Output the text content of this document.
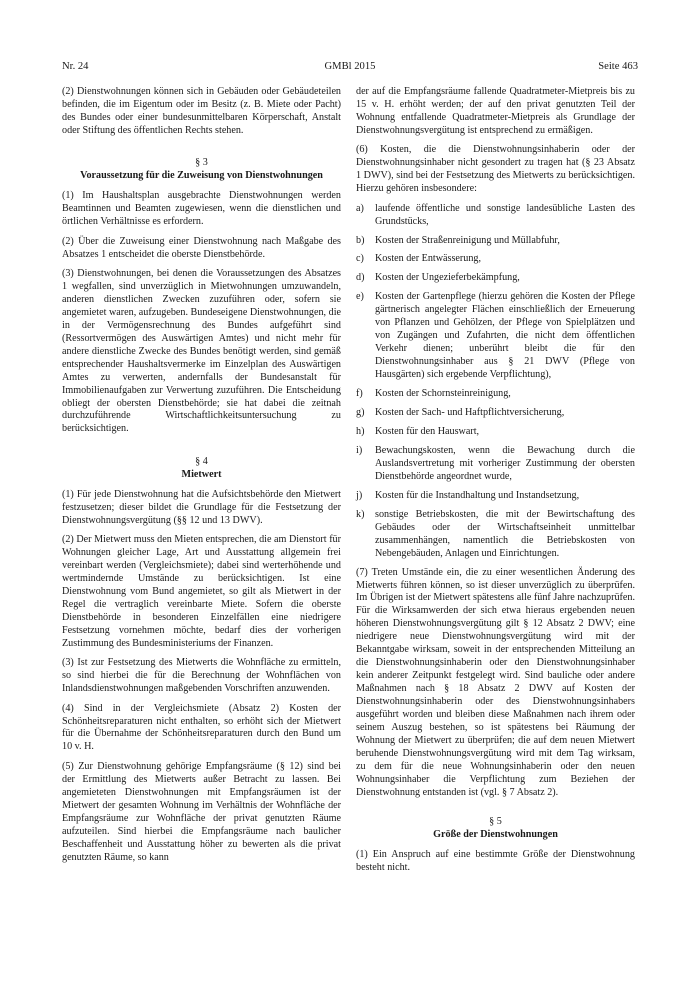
Nr. 24	GMBl 2015	Seite 463

(2) Dienstwohnungen können sich in Gebäuden oder Gebäudeteilen befinden, die im Eigentum oder im Besitz (z. B. Miete oder Pacht) des Bundes oder einer bundesunmittelbaren Körperschaft, Anstalt oder Stiftung des öffentlichen Rechts stehen.

§ 3
Voraussetzung für die Zuweisung von Dienstwohnungen

(1) Im Haushaltsplan ausgebrachte Dienstwohnungen werden Beamtinnen und Beamten zugewiesen, wenn die dienstlichen und örtlichen Verhältnisse es erfordern.

(2) Über die Zuweisung einer Dienstwohnung nach Maßgabe des Absatzes 1 entscheidet die oberste Dienstbehörde.

(3) Dienstwohnungen, bei denen die Voraussetzungen des Absatzes 1 wegfallen, sind unverzüglich in Mietwohnungen umzuwandeln, anderen dienstlichen Zwecken zuzuführen oder, sofern sie angemietet waren, aufzugeben. Bundeseigene Dienstwohnungen, die in der Vermögensrechnung des Bundes aufgeführt sind (Ressortvermögen des Auswärtigen Amtes) und nicht mehr für andere dienstliche Zwecke des Bundes benötigt werden, sind gemäß entsprechender Haushaltsvermerke im Einzelplan des Auswärtigen Amtes zu verwerten, andernfalls der Bundesanstalt für Immobilienaufgaben zur Verwertung zuzuführen. Die Entscheidung obliegt der obersten Dienstbehörde; sie hat dabei die zeitnah durchzuführende Wirtschaftlichkeitsuntersuchung zu berücksichtigen.

§ 4
Mietwert

(1) Für jede Dienstwohnung hat die Aufsichtsbehörde den Mietwert festzusetzen; dieser bildet die Grundlage für die Festsetzung der Dienstwohnungsvergütung (§§ 12 und 13 DWV).

(2) Der Mietwert muss den Mieten entsprechen, die am Dienstort für Wohnungen gleicher Lage, Art und Ausstattung allgemein frei vereinbart werden (Vergleichsmiete); dabei sind werterhöhende und wertmindernde Umstände zu berücksichtigen. Ist eine Dienstwohnung vom Bund angemietet, so gilt als Mietwert in der Regel die vertraglich vereinbarte Miete. Sofern die oberste Dienstbehörde in besonderen Einzelfällen eine niedrigere Festsetzung vornehmen möchte, bedarf dies der vorherigen Zustimmung des Bundesministeriums der Finanzen.

(3) Ist zur Festsetzung des Mietwerts die Wohnfläche zu ermitteln, so sind hierbei die für die Berechnung der Wohnflächen von Inlandsdienstwohnungen maßgebenden Vorschriften anzuwenden.

(4) Sind in der Vergleichsmiete (Absatz 2) Kosten der Schönheitsreparaturen nicht enthalten, so erhöht sich der Mietwert für die Übernahme der Schönheitsreparaturen durch den Bund um 10 v. H.

(5) Zur Dienstwohnung gehörige Empfangsräume (§ 12) sind bei der Ermittlung des Mietwerts außer Betracht zu lassen. Bei angemieteten Dienstwohnungen mit Empfangsräumen ist der Mietwert der gesamten Wohnung im Verhältnis der Wohnfläche der Empfangsräume zur Wohnfläche der privat genutzten Räume aufzuteilen. Sind hierbei die Empfangsräume nach baulicher Beschaffenheit und Ausstattung höher zu bewerten als die privat genutzten Räume, so kann

der auf die Empfangsräume fallende Quadratmeter-Mietpreis bis zu 15 v. H. erhöht werden; der auf den privat genutzten Teil der Wohnung entfallende Quadratmeter-Mietpreis als Grundlage der Dienstwohnungsvergütung ist entsprechend zu ermäßigen.

(6) Kosten, die die Dienstwohnungsinhaberin oder der Dienstwohnungsinhaber nicht gesondert zu tragen hat (§ 23 Absatz 1 DWV), sind bei der Festsetzung des Mietwerts zu berücksichtigen. Hierzu gehören insbesondere:

a) laufende öffentliche und sonstige landesübliche Lasten des Grundstücks,
b) Kosten der Straßenreinigung und Müllabfuhr,
c) Kosten der Entwässerung,
d) Kosten der Ungezieferbekämpfung,
e) Kosten der Gartenpflege (hierzu gehören die Kosten der Pflege gärtnerisch angelegter Flächen einschließlich der Erneuerung von Pflanzen und Gehölzen, der Pflege von Spielplätzen und von Zugängen und Zufahrten, die nicht dem öffentlichen Verkehr dienen; unberührt bleibt die für den Dienstwohnungsinhaber aus § 21 DWV (Pflege von Hausgärten) sich ergebende Verpflichtung),
f) Kosten der Schornsteinreinigung,
g) Kosten der Sach- und Haftpflichtversicherung,
h) Kosten für den Hauswart,
i) Bewachungskosten, wenn die Bewachung durch die Auslandsvertretung mit vorheriger Zustimmung der obersten Dienstbehörde angeordnet wurde,
j) Kosten für die Instandhaltung und Instandsetzung,
k) sonstige Betriebskosten, die mit der Bewirtschaftung des Gebäudes oder der Wirtschaftseinheit unmittelbar zusammenhängen, namentlich die Betriebskosten von Nebengebäuden, Anlagen und Einrichtungen.

(7) Treten Umstände ein, die zu einer wesentlichen Änderung des Mietwerts führen können, so ist dieser unverzüglich zu überprüfen. Im Übrigen ist der Mietwert spätestens alle fünf Jahre nachzuprüfen. Für die Wirksamwerden der sich etwa hieraus ergebenden neuen höheren Dienstwohnungsvergütung gilt § 12 Absatz 2 DWV; eine niedrigere neue Dienstwohnungsvergütung wird mit der Bekanntgabe wirksam, soweit in der entsprechenden Mitteilung an die Dienstwohnungsinhaberin oder den Dienstwohnungsinhaber kein anderer Zeitpunkt festgelegt wird. Sind bauliche oder andere Maßnahmen nach § 18 Absatz 2 DWV auf Kosten der Dienstwohnungsinhaberin oder des Dienstwohnungsinhabers ausgeführt worden und bleiben diese Maßnahmen nach ihrem oder seinem Auszug bestehen, so ist spätestens bei Räumung der Wohnung der Mietwert zu überprüfen; die auf dem neuen Mietwert beruhende Dienstwohnungsvergütung wird mit dem Tag wirksam, zu dem für die neue Wohnungsinhaberin oder den neuen Wohnungsinhaber die Verpflichtung zum Beziehen der Dienstwohnung entstanden ist (vgl. § 7 Absatz 2).

§ 5
Größe der Dienstwohnungen

(1) Ein Anspruch auf eine bestimmte Größe der Dienstwohnung besteht nicht.
